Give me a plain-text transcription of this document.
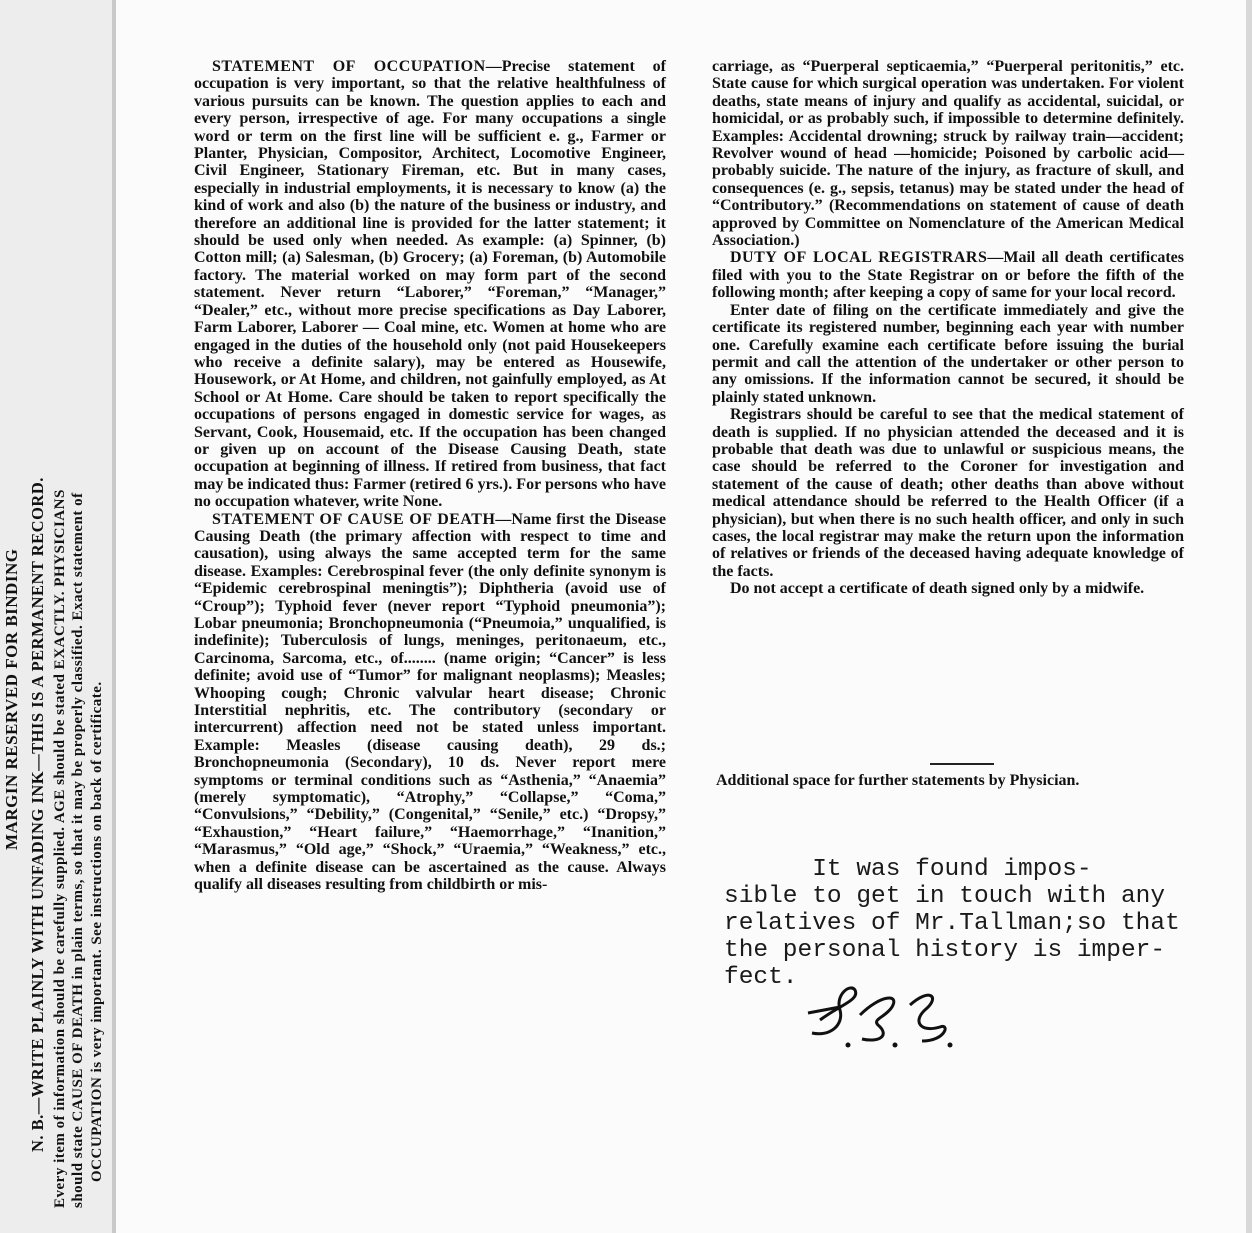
MARGIN RESERVED FOR BINDING N. B.—WRITE PLAINLY WITH UNFADING INK—THIS IS A PERMANENT RECORD. Every item of information should be carefully supplied. AGE should be stated EXACTLY. PHYSICIANS should state CAUSE OF DEATH in plain terms, so that it may be properly classified. Exact statement of OCCUPATION is very important. See instructions on back of certificate.

STATEMENT OF OCCUPATION—Precise statement of occupation is very important, so that the relative healthfulness of various pursuits can be known. The question applies to each and every person, irrespective of age. For many occupations a single word or term on the first line will be sufficient e. g., Farmer or Planter, Physician, Compositor, Architect, Locomotive Engineer, Civil Engineer, Stationary Fireman, etc. But in many cases, especially in industrial employments, it is necessary to know (a) the kind of work and also (b) the nature of the business or industry, and therefore an additional line is provided for the latter statement; it should be used only when needed. As example: (a) Spinner, (b) Cotton mill; (a) Salesman, (b) Grocery; (a) Foreman, (b) Automobile factory. The material worked on may form part of the second statement. Never return “Laborer,” “Foreman,” “Manager,” “Dealer,” etc., without more precise specifications as Day Laborer, Farm Laborer, Laborer — Coal mine, etc. Women at home who are engaged in the duties of the household only (not paid Housekeepers who receive a definite salary), may be entered as Housewife, Housework, or At Home, and children, not gainfully employed, as At School or At Home. Care should be taken to report specifically the occupations of persons engaged in domestic service for wages, as Servant, Cook, Housemaid, etc. If the occupation has been changed or given up on account of the Disease Causing Death, state occupation at beginning of illness. If retired from business, that fact may be indicated thus: Farmer (retired 6 yrs.). For persons who have no occupation whatever, write None.

STATEMENT OF CAUSE OF DEATH—Name first the Disease Causing Death (the primary affection with respect to time and causation), using always the same accepted term for the same disease. Examples: Cerebrospinal fever (the only definite synonym is “Epidemic cerebrospinal meningtis”); Diphtheria (avoid use of “Croup”); Typhoid fever (never report “Typhoid pneumonia”); Lobar pneumonia; Bronchopneumonia (“Pneumoia,” unqualified, is indefinite); Tuberculosis of lungs, meninges, peritonaeum, etc., Carcinoma, Sarcoma, etc., of........ (name origin; “Cancer” is less definite; avoid use of “Tumor” for malignant neoplasms); Measles; Whooping cough; Chronic valvular heart disease; Chronic Interstitial nephritis, etc. The contributory (secondary or intercurrent) affection need not be stated unless important. Example: Measles (disease causing death), 29 ds.; Bronchopneumonia (Secondary), 10 ds. Never report mere symptoms or terminal conditions such as “Asthenia,” “Anaemia” (merely symptomatic), “Atrophy,” “Collapse,” “Coma,” “Convulsions,” “Debility,” (Congenital,” “Senile,” etc.) “Dropsy,” “Exhaustion,” “Heart failure,” “Haemorrhage,” “Inanition,” “Marasmus,” “Old age,” “Shock,” “Uraemia,” “Weakness,” etc., when a definite disease can be ascertained as the cause. Always qualify all diseases resulting from childbirth or mis-

carriage, as “Puerperal septicaemia,” “Puerperal peritonitis,” etc. State cause for which surgical operation was undertaken. For violent deaths, state means of injury and qualify as accidental, suicidal, or homicidal, or as probably such, if impossible to determine definitely. Examples: Accidental drowning; struck by railway train—accident; Revolver wound of head —homicide; Poisoned by carbolic acid—probably suicide. The nature of the injury, as fracture of skull, and consequences (e. g., sepsis, tetanus) may be stated under the head of “Contributory.” (Recommendations on statement of cause of death approved by Committee on Nomenclature of the American Medical Association.)

DUTY OF LOCAL REGISTRARS—Mail all death certificates filed with you to the State Registrar on or before the fifth of the following month; after keeping a copy of same for your local record.

Enter date of filing on the certificate immediately and give the certificate its registered number, beginning each year with number one. Carefully examine each certificate before issuing the burial permit and call the attention of the undertaker or other person to any omissions. If the information cannot be secured, it should be plainly stated unknown.

Registrars should be careful to see that the medical statement of death is supplied. If no physician attended the deceased and it is probable that death was due to unlawful or suspicious means, the case should be referred to the Coroner for investigation and statement of the cause of death; other deaths than above without medical attendance should be referred to the Health Officer (if a physician), but when there is no such health officer, and only in such cases, the local registrar may make the return upon the information of relatives or friends of the deceased having adequate knowledge of the facts.

Do not accept a certificate of death signed only by a midwife.

Additional space for further statements by Physician.
It was found impos-
sible to get in touch with any
relatives of Mr.Tallman;so that
the personal history is imper-
fect.
